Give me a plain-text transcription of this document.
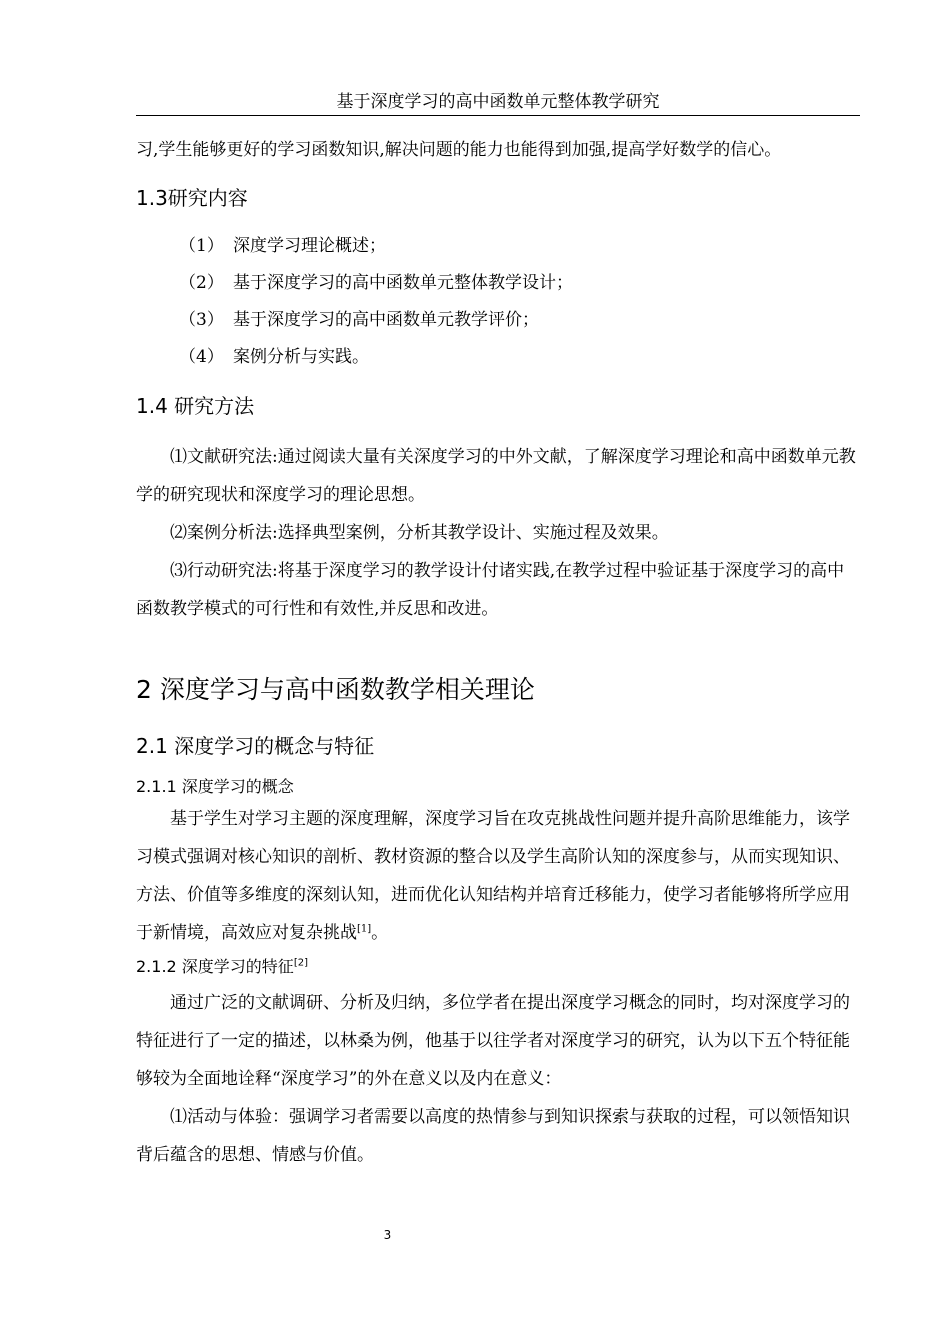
基于深度学习的高中函数单元整体教学研究

习,学生能够更好的学习函数知识,解决问题的能力也能得到加强,提高学好数学的信心。

1.3研究内容
（1） 深度学习理论概述；
（2） 基于深度学习的高中函数单元整体教学设计；
（3） 基于深度学习的高中函数单元教学评价；
（4） 案例分析与实践。
1.4 研究方法

⑴文献研究法:通过阅读大量有关深度学习的中外文献，了解深度学习理论和高中函数单元教学的研究现状和深度学习的理论思想。

⑵案例分析法:选择典型案例，分析其教学设计、实施过程及效果。

⑶行动研究法:将基于深度学习的教学设计付诸实践,在教学过程中验证基于深度学习的高中函数教学模式的可行性和有效性,并反思和改进。

2 深度学习与高中函数教学相关理论
2.1 深度学习的概念与特征
2.1.1 深度学习的概念

基于学生对学习主题的深度理解，深度学习旨在攻克挑战性问题并提升高阶思维能力，该学习模式强调对核心知识的剖析、教材资源的整合以及学生高阶认知的深度参与，从而实现知识、方法、价值等多维度的深刻认知，进而优化认知结构并培育迁移能力，使学习者能够将所学应用于新情境，高效应对复杂挑战[1]。

2.1.2 深度学习的特征[2]

通过广泛的文献调研、分析及归纳，多位学者在提出深度学习概念的同时，均对深度学习的特征进行了一定的描述，以林桑为例，他基于以往学者对深度学习的研究，认为以下五个特征能够较为全面地诠释“深度学习”的外在意义以及内在意义：

⑴活动与体验：强调学习者需要以高度的热情参与到知识探索与获取的过程，可以领悟知识背后蕴含的思想、情感与价值。

3
